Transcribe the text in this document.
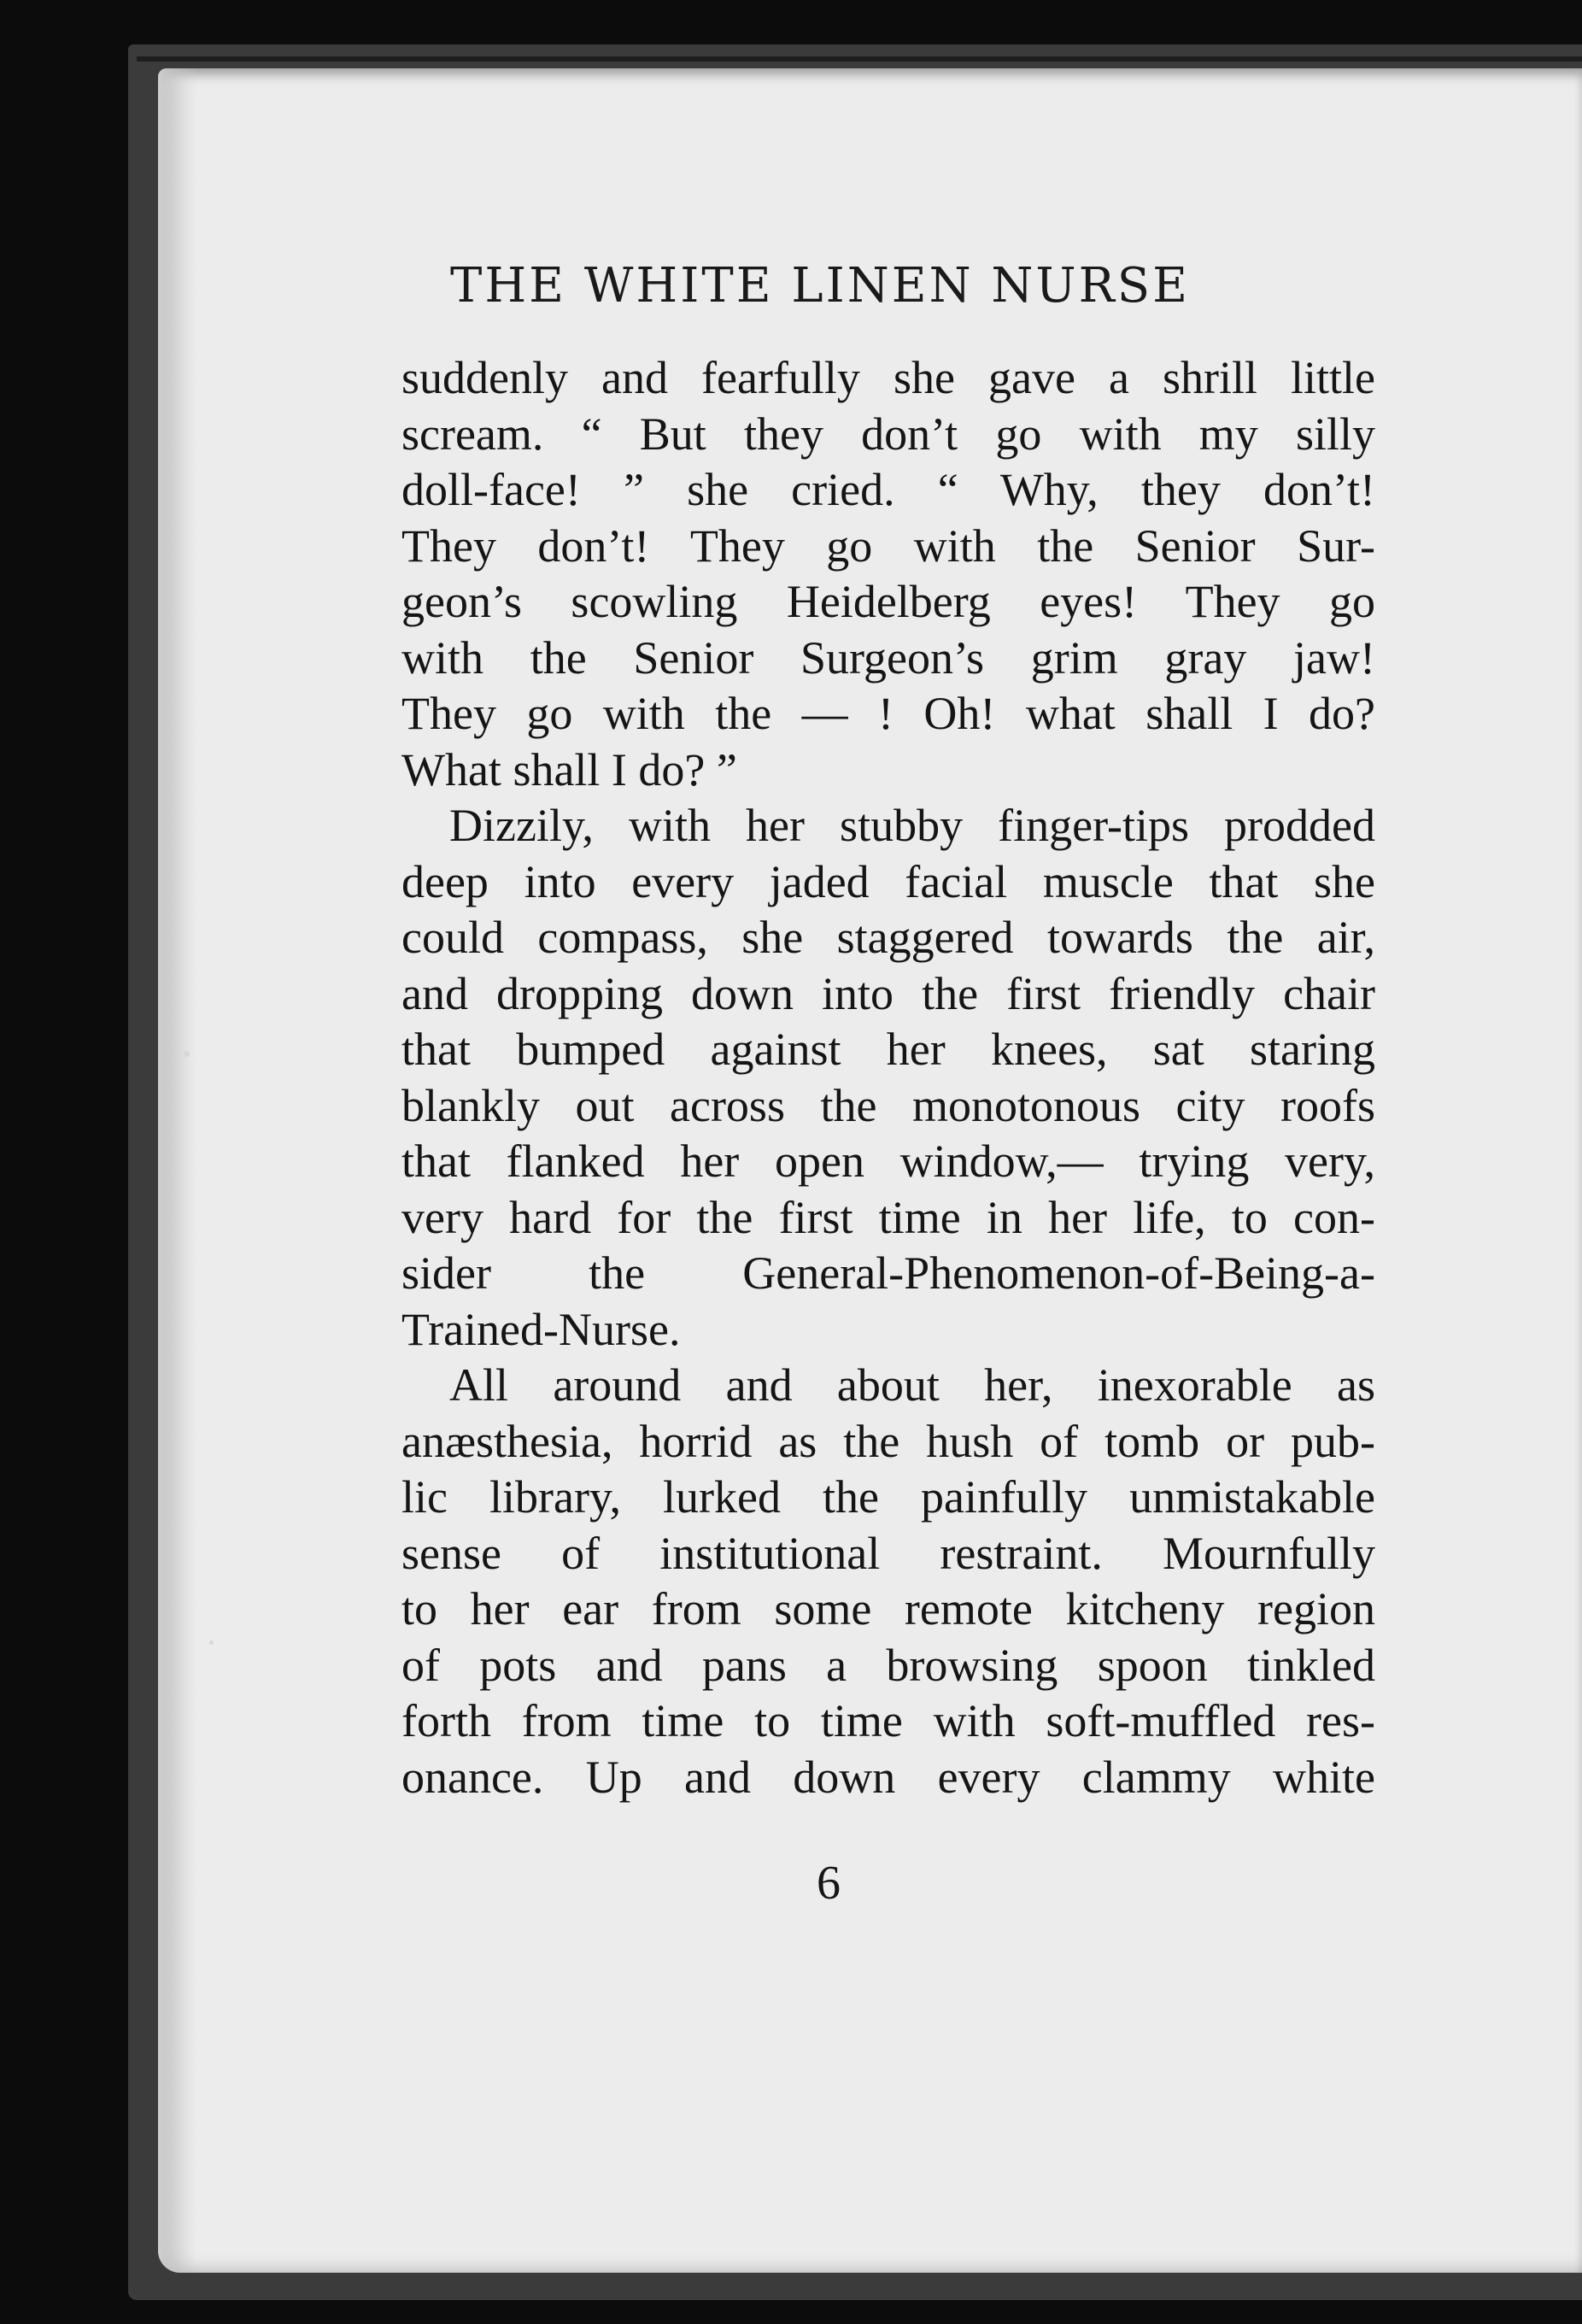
THE WHITE LINEN NURSE
suddenly and fearfully she gave a shrill little
scream. “ But they don’t go with my silly
doll-face! ” she cried. “ Why, they don’t!
They don’t! They go with the Senior Sur-
geon’s scowling Heidelberg eyes! They go
with the Senior Surgeon’s grim gray jaw!
They go with the — ! Oh! what shall I do?
What shall I do? ”
Dizzily, with her stubby finger-tips prodded
deep into every jaded facial muscle that she
could compass, she staggered towards the air,
and dropping down into the first friendly chair
that bumped against her knees, sat staring
blankly out across the monotonous city roofs
that flanked her open window,— trying very,
very hard for the first time in her life, to con-
sider the General-Phenomenon-of-Being-a-
Trained-Nurse.
All around and about her, inexorable as
anæsthesia, horrid as the hush of tomb or pub-
lic library, lurked the painfully unmistakable
sense of institutional restraint. Mournfully
to her ear from some remote kitcheny region
of pots and pans a browsing spoon tinkled
forth from time to time with soft-muffled res-
onance. Up and down every clammy white
6
